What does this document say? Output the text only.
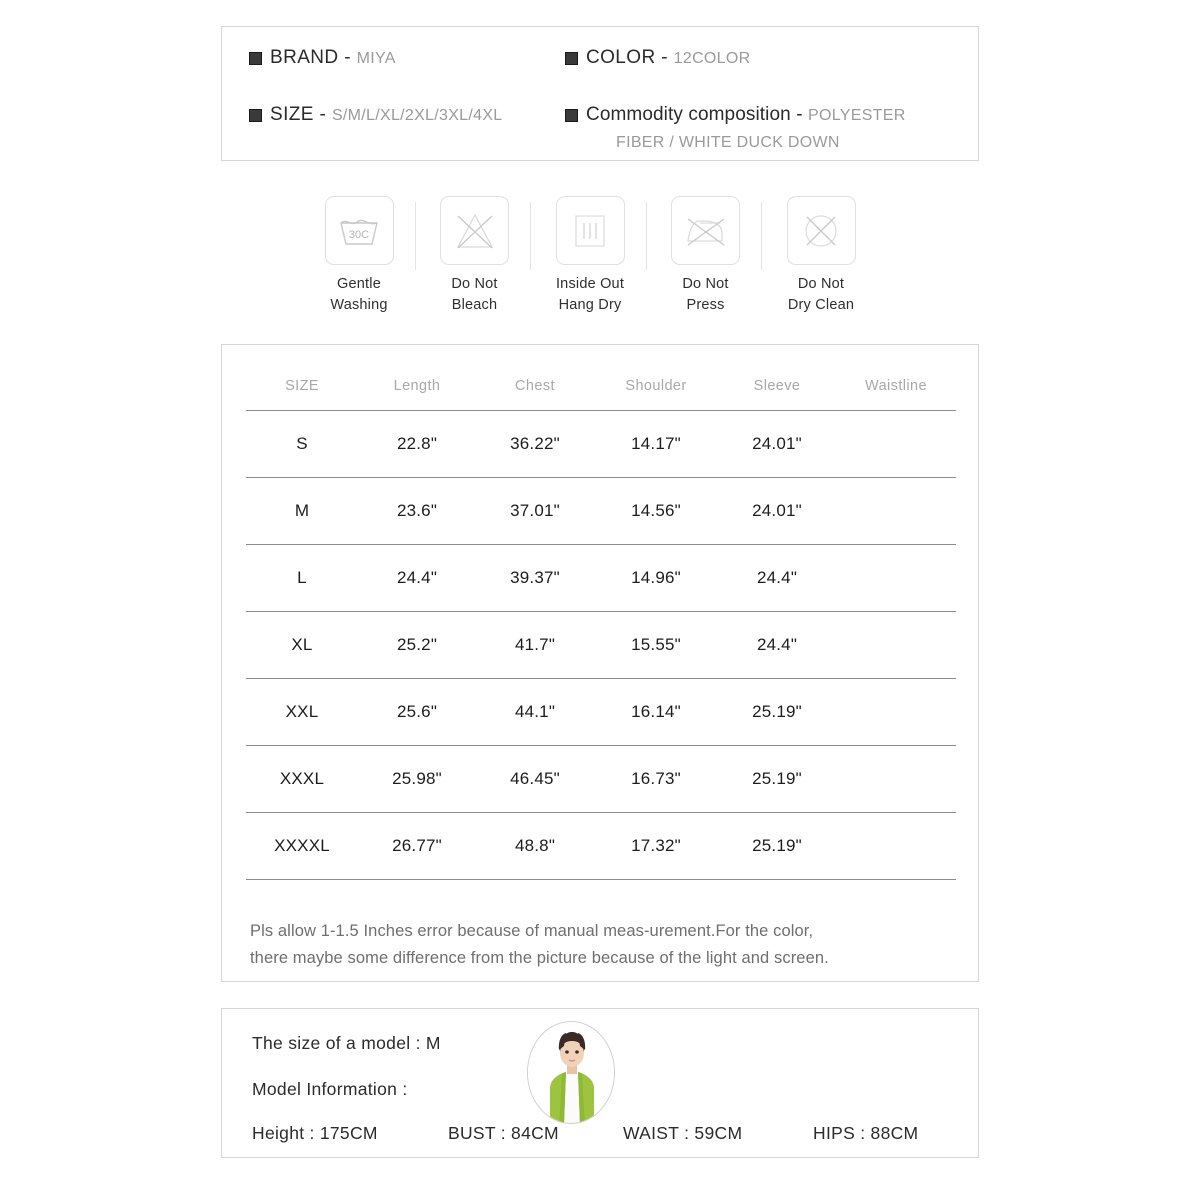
BRAND - MIYA	COLOR - 12COLOR
SIZE - S/M/L/XL/2XL/3XL/4XL	Commodity composition - POLYESTER
FIBER / WHITE DUCK DOWN
30C
Gentle
Washing
Do Not
Bleach
Inside Out
Hang Dry
Do Not
Press
Do Not
Dry Clean
SIZE	Length	Chest	Shoulder	Sleeve	Waistline
S	22.8"	36.22"	14.17"	24.01"	
M	23.6"	37.01"	14.56"	24.01"	
L	24.4"	39.37"	14.96"	24.4"	
XL	25.2"	41.7"	15.55"	24.4"	
XXL	25.6"	44.1"	16.14"	25.19"	
XXXL	25.98"	46.45"	16.73"	25.19"	
XXXXL	26.77"	48.8"	17.32"	25.19"	
Pls allow 1-1.5 Inches error because of manual meas-urement.For the color,
there maybe some difference from the picture because of the light and screen.
The size of a model : M
Model Information :
Height : 175CM	BUST : 84CM	WAIST : 59CM	HIPS : 88CM
